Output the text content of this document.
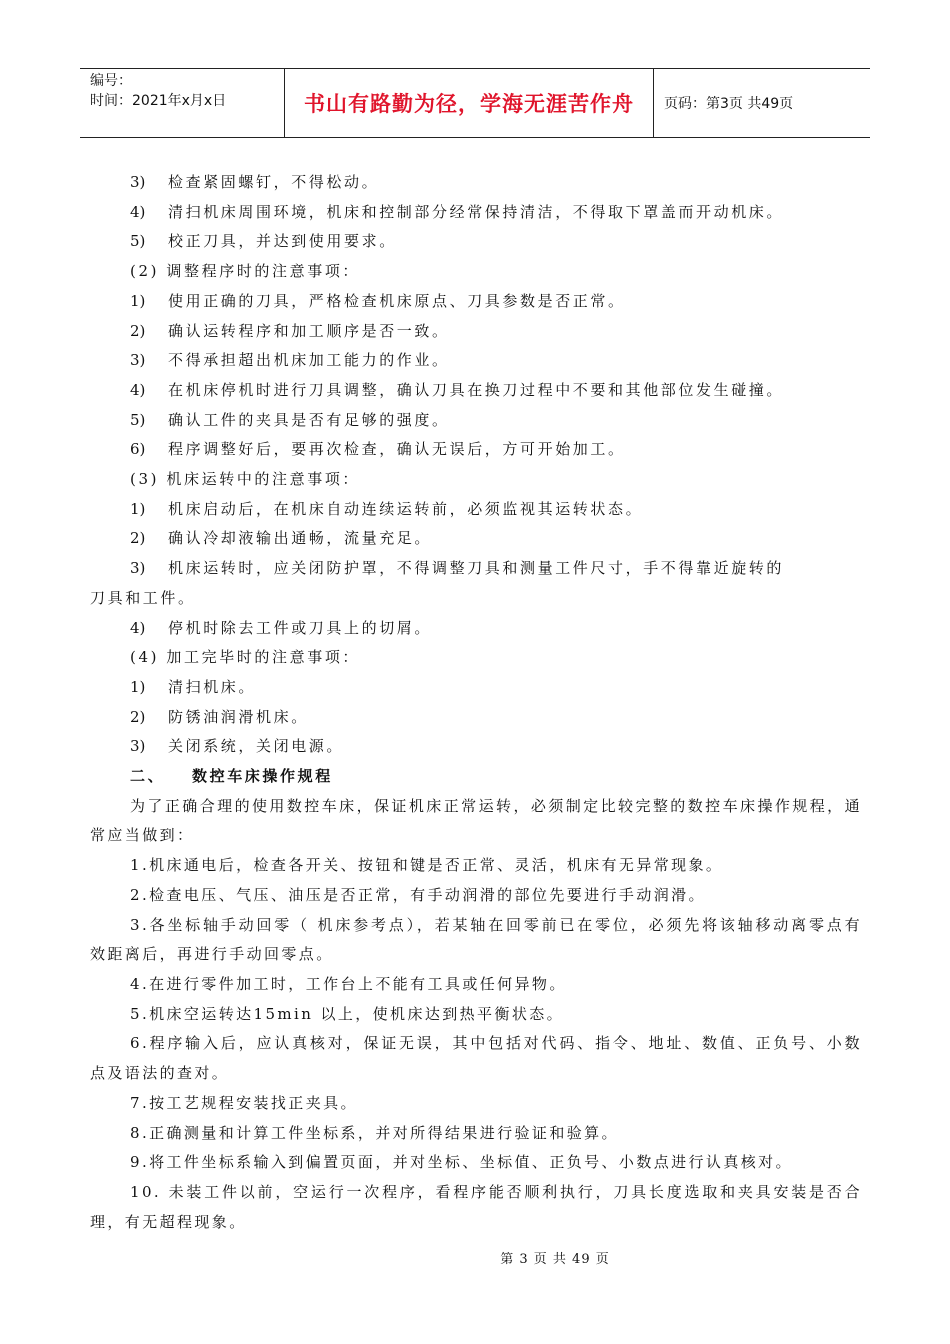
编号：
时间：2021年x月x日	书山有路勤为径，学海无涯苦作舟	页码：第3页 共49页
3)	检查紧固螺钉，不得松动。
4)	清扫机床周围环境，机床和控制部分经常保持清洁，不得取下罩盖而开动机床。
5)	校正刀具，并达到使用要求。
(2) 调整程序时的注意事项：
1)	使用正确的刀具，严格检查机床原点、刀具参数是否正常。
2)	确认运转程序和加工顺序是否一致。
3)	不得承担超出机床加工能力的作业。
4)	在机床停机时进行刀具调整，确认刀具在换刀过程中不要和其他部位发生碰撞。
5)	确认工件的夹具是否有足够的强度。
6)	程序调整好后，要再次检查，确认无误后，方可开始加工。
(3) 机床运转中的注意事项：
1)	机床启动后，在机床自动连续运转前，必须监视其运转状态。
2)	确认冷却液输出通畅，流量充足。
3)	机床运转时，应关闭防护罩，不得调整刀具和测量工件尺寸，手不得靠近旋转的
刀具和工件。
4)	停机时除去工件或刀具上的切屑。
(4) 加工完毕时的注意事项：
1)	清扫机床。
2)	防锈油润滑机床。
3)	关闭系统，关闭电源。
二、 数控车床操作规程
为了正确合理的使用数控车床，保证机床正常运转，必须制定比较完整的数控车床操作规程，通常应当做到：
1.机床通电后，检查各开关、按钮和键是否正常、灵活，机床有无异常现象。
2.检查电压、气压、油压是否正常，有手动润滑的部位先要进行手动润滑。
3.各坐标轴手动回零（ 机床参考点），若某轴在回零前已在零位，必须先将该轴移动离零点有效距离后，再进行手动回零点。
4.在进行零件加工时，工作台上不能有工具或任何异物。
5.机床空运转达15min 以上，使机床达到热平衡状态。
6.程序输入后，应认真核对，保证无误，其中包括对代码、指令、地址、数值、正负号、小数点及语法的查对。
7.按工艺规程安装找正夹具。
8.正确测量和计算工件坐标系，并对所得结果进行验证和验算。
9.将工件坐标系输入到偏置页面，并对坐标、坐标值、正负号、小数点进行认真核对。
10. 未装工件以前，空运行一次程序，看程序能否顺利执行，刀具长度选取和夹具安装是否合理，有无超程现象。
第 3 页 共 49 页
